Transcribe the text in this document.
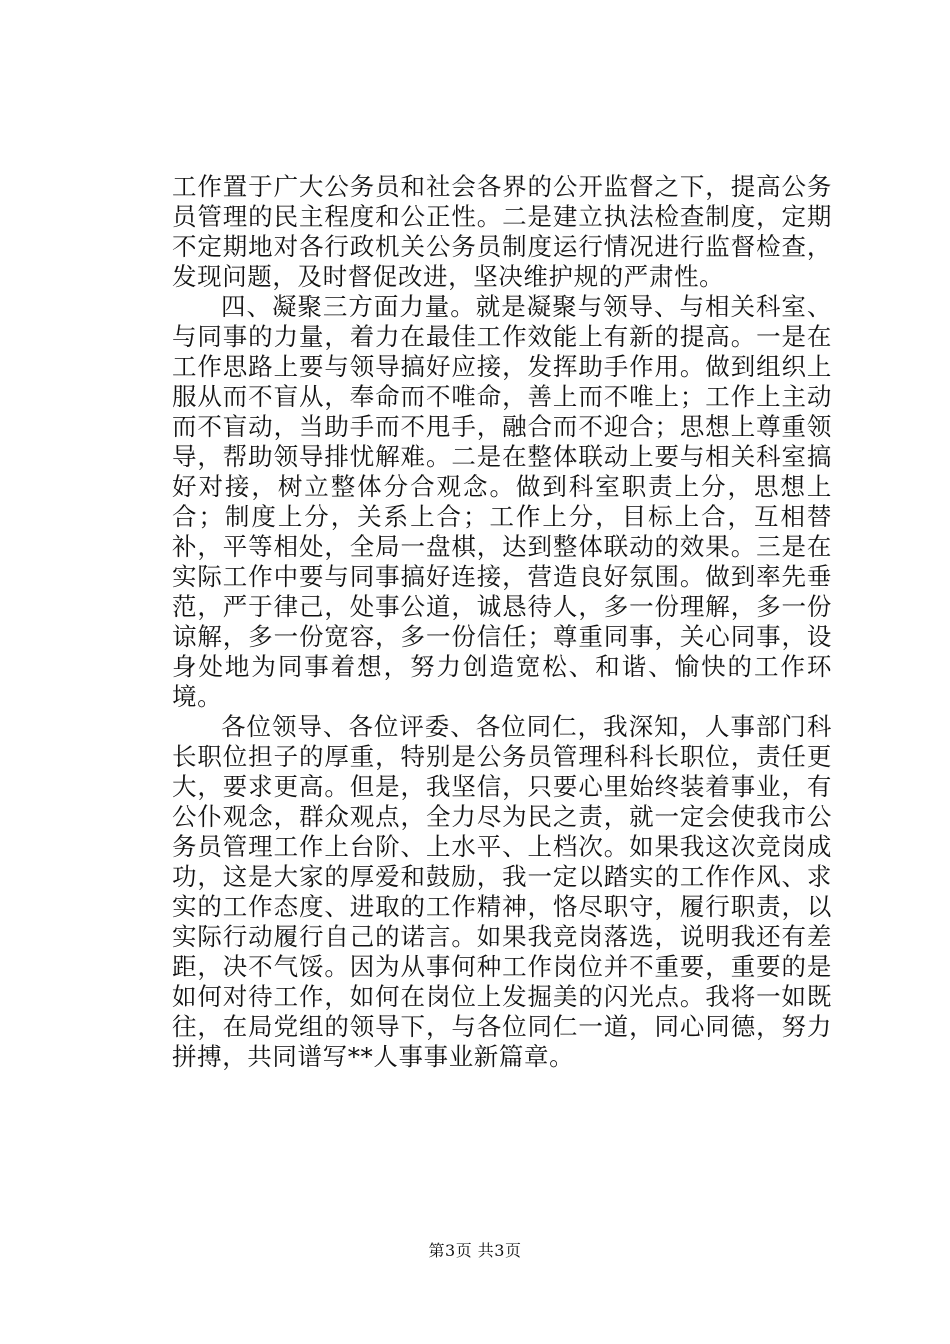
工作置于广大公务员和社会各界的公开监督之下，提高公务员管理的民主程度和公正性。二是建立执法检查制度，定期不定期地对各行政机关公务员制度运行情况进行监督检查，发现问题，及时督促改进，坚决维护规的严肃性。

四、凝聚三方面力量。就是凝聚与领导、与相关科室、与同事的力量，着力在最佳工作效能上有新的提高。一是在工作思路上要与领导搞好应接，发挥助手作用。做到组织上服从而不盲从，奉命而不唯命，善上而不唯上；工作上主动而不盲动，当助手而不甩手，融合而不迎合；思想上尊重领导，帮助领导排忧解难。二是在整体联动上要与相关科室搞好对接，树立整体分合观念。做到科室职责上分，思想上合；制度上分，关系上合；工作上分，目标上合，互相替补，平等相处，全局一盘棋，达到整体联动的效果。三是在实际工作中要与同事搞好连接，营造良好氛围。做到率先垂范，严于律己，处事公道，诚恳待人，多一份理解，多一份谅解，多一份宽容，多一份信任；尊重同事，关心同事，设身处地为同事着想，努力创造宽松、和谐、愉快的工作环境。

各位领导、各位评委、各位同仁，我深知，人事部门科长职位担子的厚重，特别是公务员管理科科长职位，责任更大，要求更高。但是，我坚信，只要心里始终装着事业，有公仆观念，群众观点，全力尽为民之责，就一定会使我市公务员管理工作上台阶、上水平、上档次。如果我这次竞岗成功，这是大家的厚爱和鼓励，我一定以踏实的工作作风、求实的工作态度、进取的工作精神，恪尽职守，履行职责，以实际行动履行自己的诺言。如果我竞岗落选，说明我还有差距，决不气馁。因为从事何种工作岗位并不重要，重要的是如何对待工作，如何在岗位上发掘美的闪光点。我将一如既往，在局党组的领导下，与各位同仁一道，同心同德，努力拼搏，共同谱写**人事事业新篇章。

第3页 共3页
